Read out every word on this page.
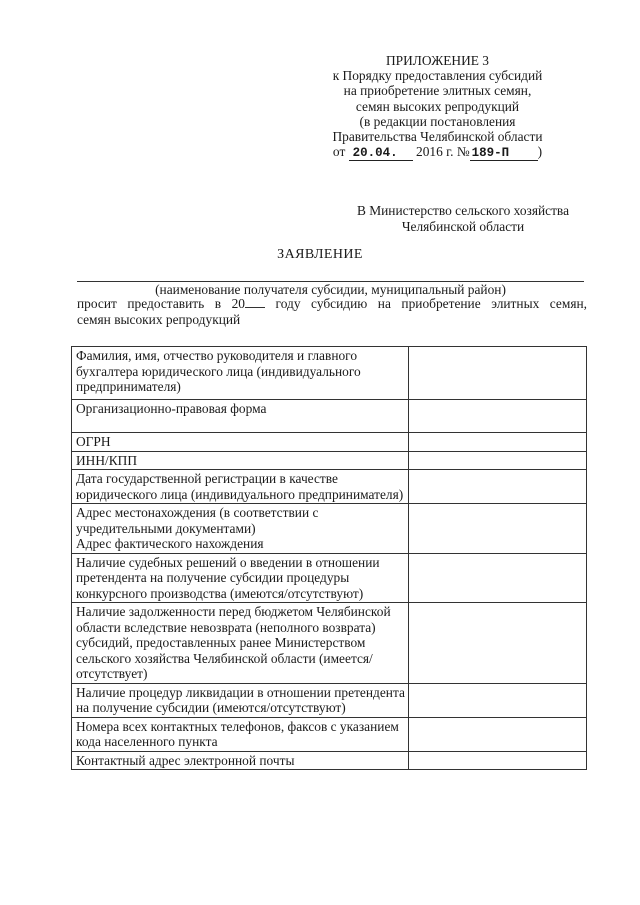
ПРИЛОЖЕНИЕ 3
к Порядку предоставления субсидий
на приобретение элитных семян,
семян высоких репродукций
(в редакции постановления
Правительства Челябинской области
от 20.04. 2016 г. № 189-П )
В Министерство сельского хозяйства
Челябинской области
ЗАЯВЛЕНИЕ
(наименование получателя субсидии, муниципальный район)
просит предоставить в 20 году субсидию на приобретение элитных семян,
семян высоких репродукций
Фамилия, имя, отчество руководителя и главного бухгалтера юридического лица (индивидуального предпринимателя)	
Организационно-правовая форма	
ОГРН	
ИНН/КПП	
Дата государственной регистрации в качестве юридического лица (индивидуального предпринимателя)	

Адрес местонахождения (в соответствии с учредительными документами)
Адрес фактического нахождения	

Наличие судебных решений о введении в отношении претендента на получение субсидии процедуры конкурсного производства (имеются/отсутствуют)	
Наличие задолженности перед бюджетом Челябинской области вследствие невозврата (неполного возврата) субсидий, предоставленных ранее Министерством сельского хозяйства Челябинской области (имеется/отсутствует)	
Наличие процедур ликвидации в отношении претендента на получение субсидии (имеются/отсутствуют)	
Номера всех контактных телефонов, факсов с указанием кода населенного пункта	
Контактный адрес электронной почты	
